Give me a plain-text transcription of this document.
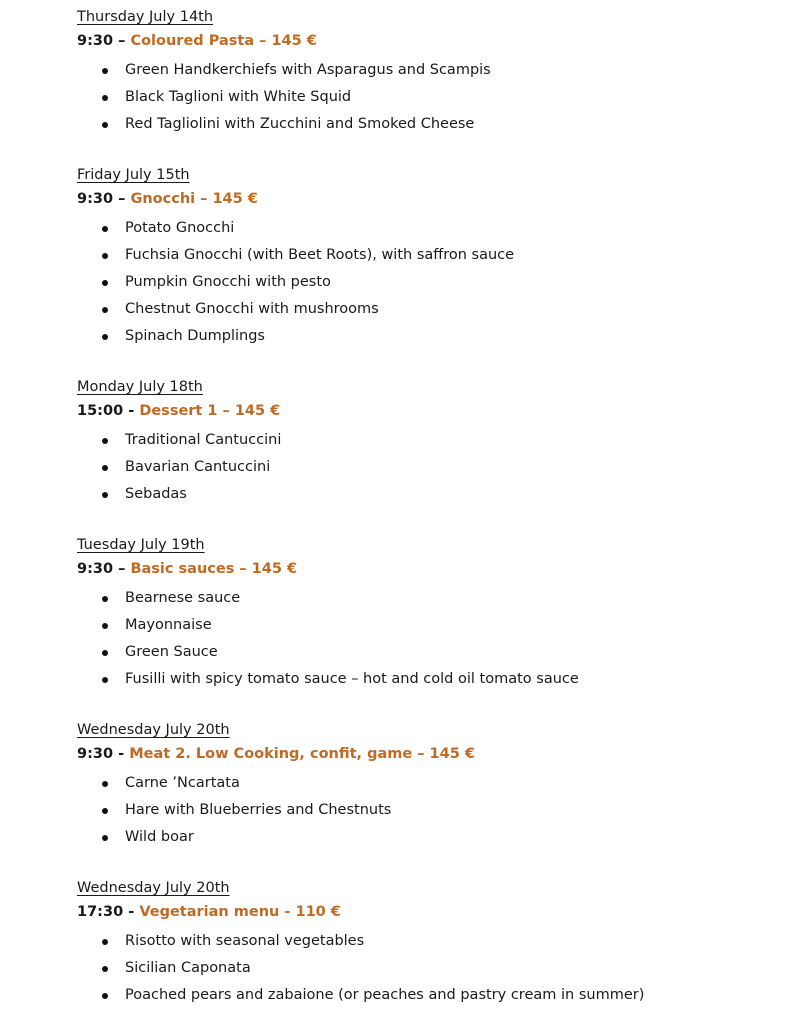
Thursday July 14th
9:30 – Coloured Pasta – 145 €
Green Handkerchiefs with Asparagus and Scampis
Black Taglioni with White Squid
Red Tagliolini with Zucchini and Smoked Cheese
Friday July 15th
9:30 – Gnocchi – 145 €
Potato Gnocchi
Fuchsia Gnocchi (with Beet Roots), with saffron sauce
Pumpkin Gnocchi with pesto
Chestnut Gnocchi with mushrooms
Spinach Dumplings
Monday July 18th
15:00 - Dessert 1 – 145 €
Traditional Cantuccini
Bavarian Cantuccini
Sebadas
Tuesday July 19th
9:30 – Basic sauces – 145 €
Bearnese sauce
Mayonnaise
Green Sauce
Fusilli with spicy tomato sauce – hot and cold oil tomato sauce
Wednesday July 20th
9:30 - Meat 2. Low Cooking, confit, game – 145 €
Carne ’Ncartata
Hare with Blueberries and Chestnuts
Wild boar
Wednesday July 20th
17:30 - Vegetarian menu - 110 €
Risotto with seasonal vegetables
Sicilian Caponata
Poached pears and zabaione (or peaches and pastry cream in summer)
